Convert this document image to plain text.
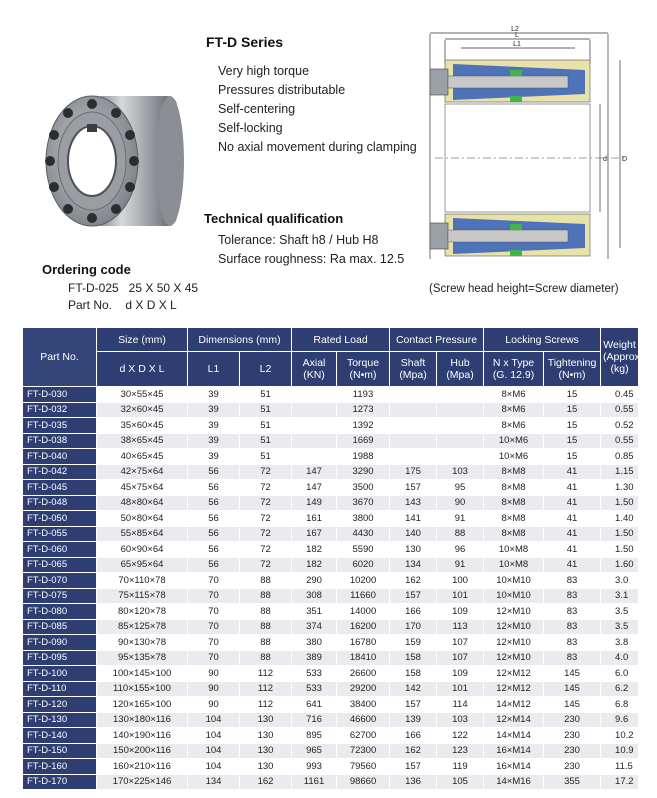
FT-D Series
Very high torque
Pressures distributable
Self-centering
Self-locking
No axial movement during clamping
Technical qualification
Tolerance: Shaft h8 / Hub H8
Surface roughness: Ra max. 12.5
Ordering code
FT-D-025   25 X 50 X 45
Part No.    d X D X L
L2
L
L1
d D
(Screw head height=Screw diameter)
Part No.	Size (mm)	Dimensions (mm)		Rated Load		Contact Pressure		Locking Screws		Weight (Approx.) (kg)
	d X D X L	L1	L2	Axial (KN)	Torque (N•m)	Shaft (Mpa)	Hub (Mpa)	N x Type (G. 12.9)	Tightening (N•m)	
FT-D-030	30×55×45	39	51		1193			8×M6	15	0.45
FT-D-032	32×60×45	39	51		1273			8×M6	15	0.55
FT-D-035	35×60×45	39	51		1392			8×M6	15	0.52
FT-D-038	38×65×45	39	51		1669			10×M6	15	0.55
FT-D-040	40×65×45	39	51		1988			10×M6	15	0.85
FT-D-042	42×75×64	56	72	147	3290	175	103	8×M8	41	1.15
FT-D-045	45×75×64	56	72	147	3500	157	95	8×M8	41	1.30
FT-D-048	48×80×64	56	72	149	3670	143	90	8×M8	41	1.50
FT-D-050	50×80×64	56	72	161	3800	141	91	8×M8	41	1.40
FT-D-055	55×85×64	56	72	167	4430	140	88	8×M8	41	1.50
FT-D-060	60×90×64	56	72	182	5590	130	96	10×M8	41	1.50
FT-D-065	65×95×64	56	72	182	6020	134	91	10×M8	41	1.60
FT-D-070	70×110×78	70	88	290	10200	162	100	10×M10	83	3.0
FT-D-075	75×115×78	70	88	308	11660	157	101	10×M10	83	3.1
FT-D-080	80×120×78	70	88	351	14000	166	109	12×M10	83	3.5
FT-D-085	85×125×78	70	88	374	16200	170	113	12×M10	83	3.5
FT-D-090	90×130×78	70	88	380	16780	159	107	12×M10	83	3.8
FT-D-095	95×135×78	70	88	389	18410	158	107	12×M10	83	4.0
FT-D-100	100×145×100	90	112	533	26600	158	109	12×M12	145	6.0
FT-D-110	110×155×100	90	112	533	29200	142	101	12×M12	145	6.2
FT-D-120	120×165×100	90	112	641	38400	157	114	14×M12	145	6.8
FT-D-130	130×180×116	104	130	716	46600	139	103	12×M14	230	9.6
FT-D-140	140×190×116	104	130	895	62700	166	122	14×M14	230	10.2
FT-D-150	150×200×116	104	130	965	72300	162	123	16×M14	230	10.9
FT-D-160	160×210×116	104	130	993	79560	157	119	16×M14	230	11.5
FT-D-170	170×225×146	134	162	1161	98660	136	105	14×M16	355	17.2
